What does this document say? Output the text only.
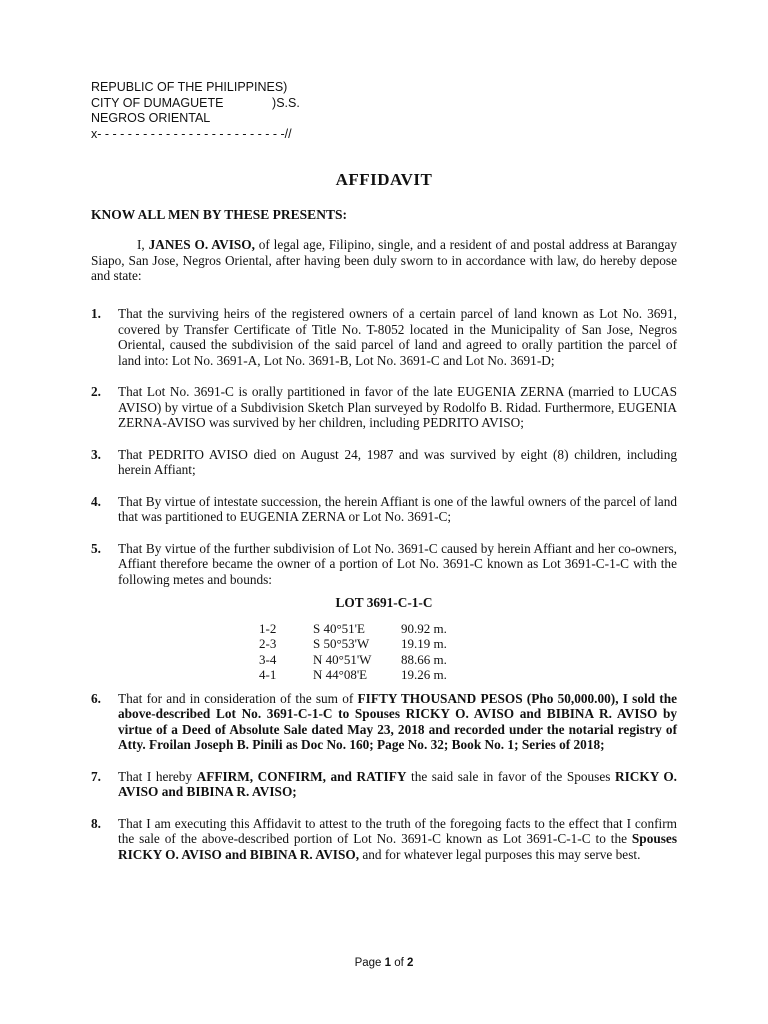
REPUBLIC OF THE PHILIPPINES)
CITY OF DUMAGUETE              )S.S.
NEGROS ORIENTAL
x- - - - - - - - - - - - - - - - - - - - - - - - -//
AFFIDAVIT
KNOW ALL MEN BY THESE PRESENTS:
I, JANES O. AVISO, of legal age, Filipino, single, and a resident of and postal address at Barangay Siapo, San Jose, Negros Oriental, after having been duly sworn to in accordance with law, do hereby depose and state:
1.	That the surviving heirs of the registered owners of a certain parcel of land known as Lot No. 3691, covered by Transfer Certificate of Title No. T-8052 located in the Municipality of San Jose, Negros Oriental, caused the subdivision of the said parcel of land and agreed to orally partition the parcel of land into: Lot No. 3691-A, Lot No. 3691-B, Lot No. 3691-C and Lot No. 3691-D;
2.	That Lot No. 3691-C is orally partitioned in favor of the late EUGENIA ZERNA (married to LUCAS AVISO) by virtue of a Subdivision Sketch Plan surveyed by Rodolfo B. Ridad. Furthermore, EUGENIA ZERNA-AVISO was survived by her children, including PEDRITO AVISO;
3.	That PEDRITO AVISO died on August 24, 1987 and was survived by eight (8) children, including herein Affiant;
4.	That By virtue of intestate succession, the herein Affiant is one of the lawful owners of the parcel of land that was partitioned to EUGENIA ZERNA or Lot No. 3691-C;
5.	That By virtue of the further subdivision of Lot No. 3691-C caused by herein Affiant and her co-owners, Affiant therefore became the owner of a portion of Lot No. 3691-C known as Lot 3691-C-1-C with the following metes and bounds:
LOT 3691-C-1-C
1-2	S 40°51'E	90.92 m.
2-3	S 50°53'W	19.19 m.
3-4	N 40°51'W	88.66 m.
4-1	N 44°08'E	19.26 m.
6.	That for and in consideration of the sum of FIFTY THOUSAND PESOS (Pho 50,000.00), I sold the above-described Lot No. 3691-C-1-C to Spouses RICKY O. AVISO and BIBINA R. AVISO by virtue of a Deed of Absolute Sale dated May 23, 2018 and recorded under the notarial registry of Atty. Froilan Joseph B. Pinili as Doc No. 160; Page No. 32; Book No. 1; Series of 2018;
7.	That I hereby AFFIRM, CONFIRM, and RATIFY the said sale in favor of the Spouses RICKY O. AVISO and BIBINA R. AVISO;
8.	That I am executing this Affidavit to attest to the truth of the foregoing facts to the effect that I confirm the sale of the above-described portion of Lot No. 3691-C known as Lot 3691-C-1-C to the Spouses RICKY O. AVISO and BIBINA R. AVISO, and for whatever legal purposes this may serve best.
Page 1 of 2
